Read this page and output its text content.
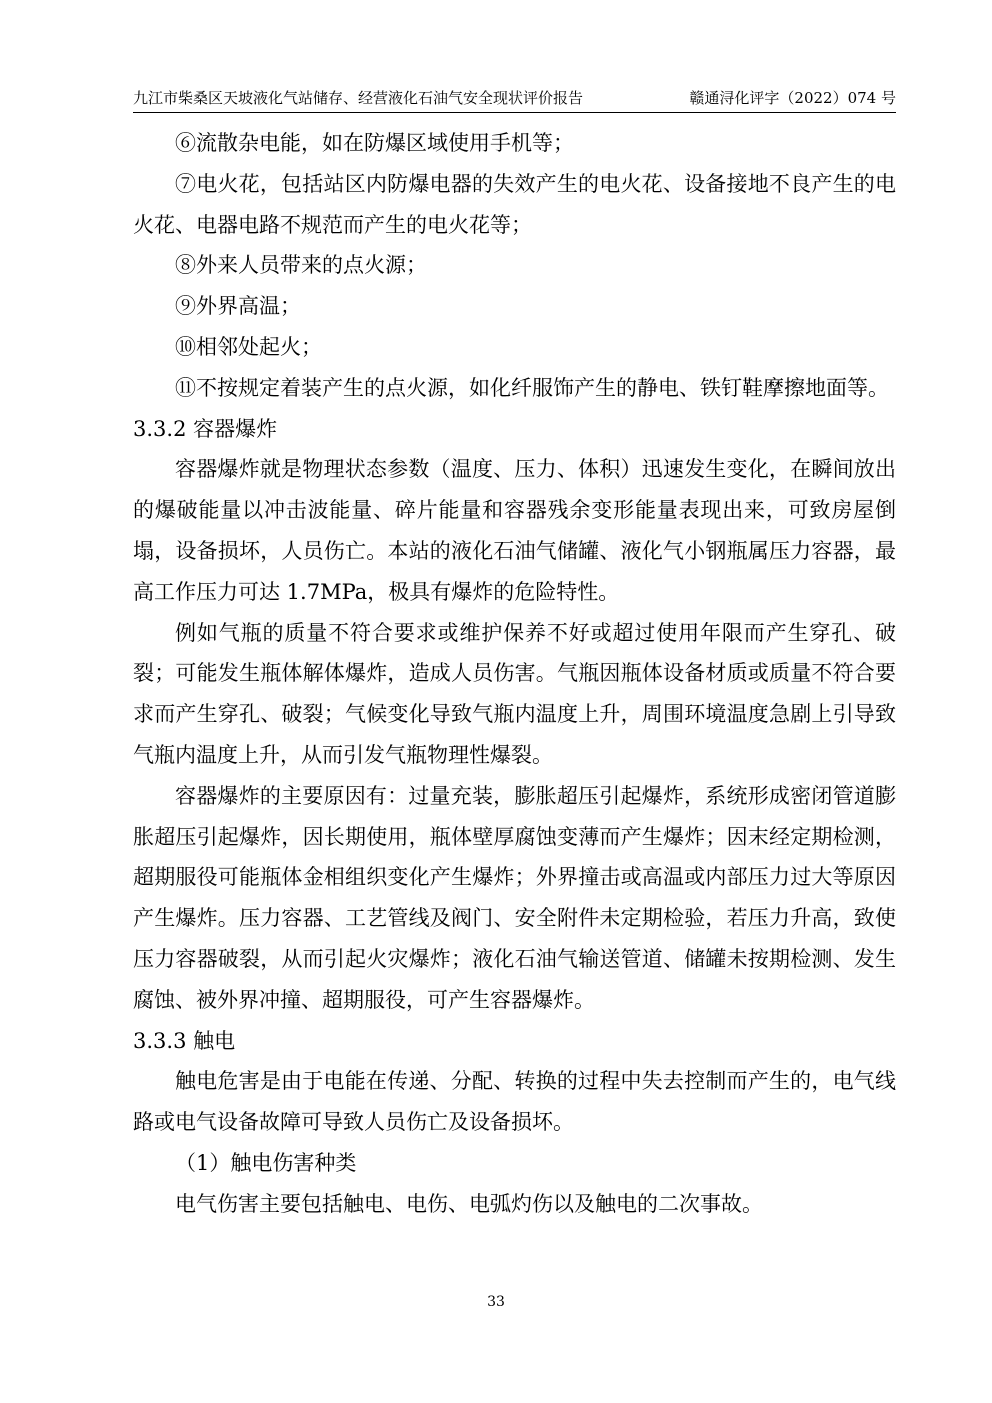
九江市柴桑区天坡液化气站储存、经营液化石油气安全现状评价报告	赣通浔化评字（2022）074 号

⑥流散杂电能，如在防爆区域使用手机等；

⑦电火花，包括站区内防爆电器的失效产生的电火花、设备接地不良产生的电火花、电器电路不规范而产生的电火花等；

⑧外来人员带来的点火源；

⑨外界高温；

⑩相邻处起火；

⑪不按规定着装产生的点火源，如化纤服饰产生的静电、铁钉鞋摩擦地面等。

3.3.2 容器爆炸

容器爆炸就是物理状态参数（温度、压力、体积）迅速发生变化，在瞬间放出的爆破能量以冲击波能量、碎片能量和容器残余变形能量表现出来，可致房屋倒塌，设备损坏，人员伤亡。本站的液化石油气储罐、液化气小钢瓶属压力容器，最高工作压力可达 1.7MPa，极具有爆炸的危险特性。

例如气瓶的质量不符合要求或维护保养不好或超过使用年限而产生穿孔、破裂；可能发生瓶体解体爆炸，造成人员伤害。气瓶因瓶体设备材质或质量不符合要求而产生穿孔、破裂；气候变化导致气瓶内温度上升，周围环境温度急剧上引导致气瓶内温度上升，从而引发气瓶物理性爆裂。

容器爆炸的主要原因有：过量充装，膨胀超压引起爆炸，系统形成密闭管道膨胀超压引起爆炸，因长期使用，瓶体壁厚腐蚀变薄而产生爆炸；因末经定期检测，超期服役可能瓶体金相组织变化产生爆炸；外界撞击或高温或内部压力过大等原因产生爆炸。压力容器、工艺管线及阀门、安全附件未定期检验，若压力升高，致使压力容器破裂，从而引起火灾爆炸；液化石油气输送管道、储罐未按期检测、发生腐蚀、被外界冲撞、超期服役，可产生容器爆炸。

3.3.3 触电

触电危害是由于电能在传递、分配、转换的过程中失去控制而产生的，电气线路或电气设备故障可导致人员伤亡及设备损坏。

（1）触电伤害种类

电气伤害主要包括触电、电伤、电弧灼伤以及触电的二次事故。

33
